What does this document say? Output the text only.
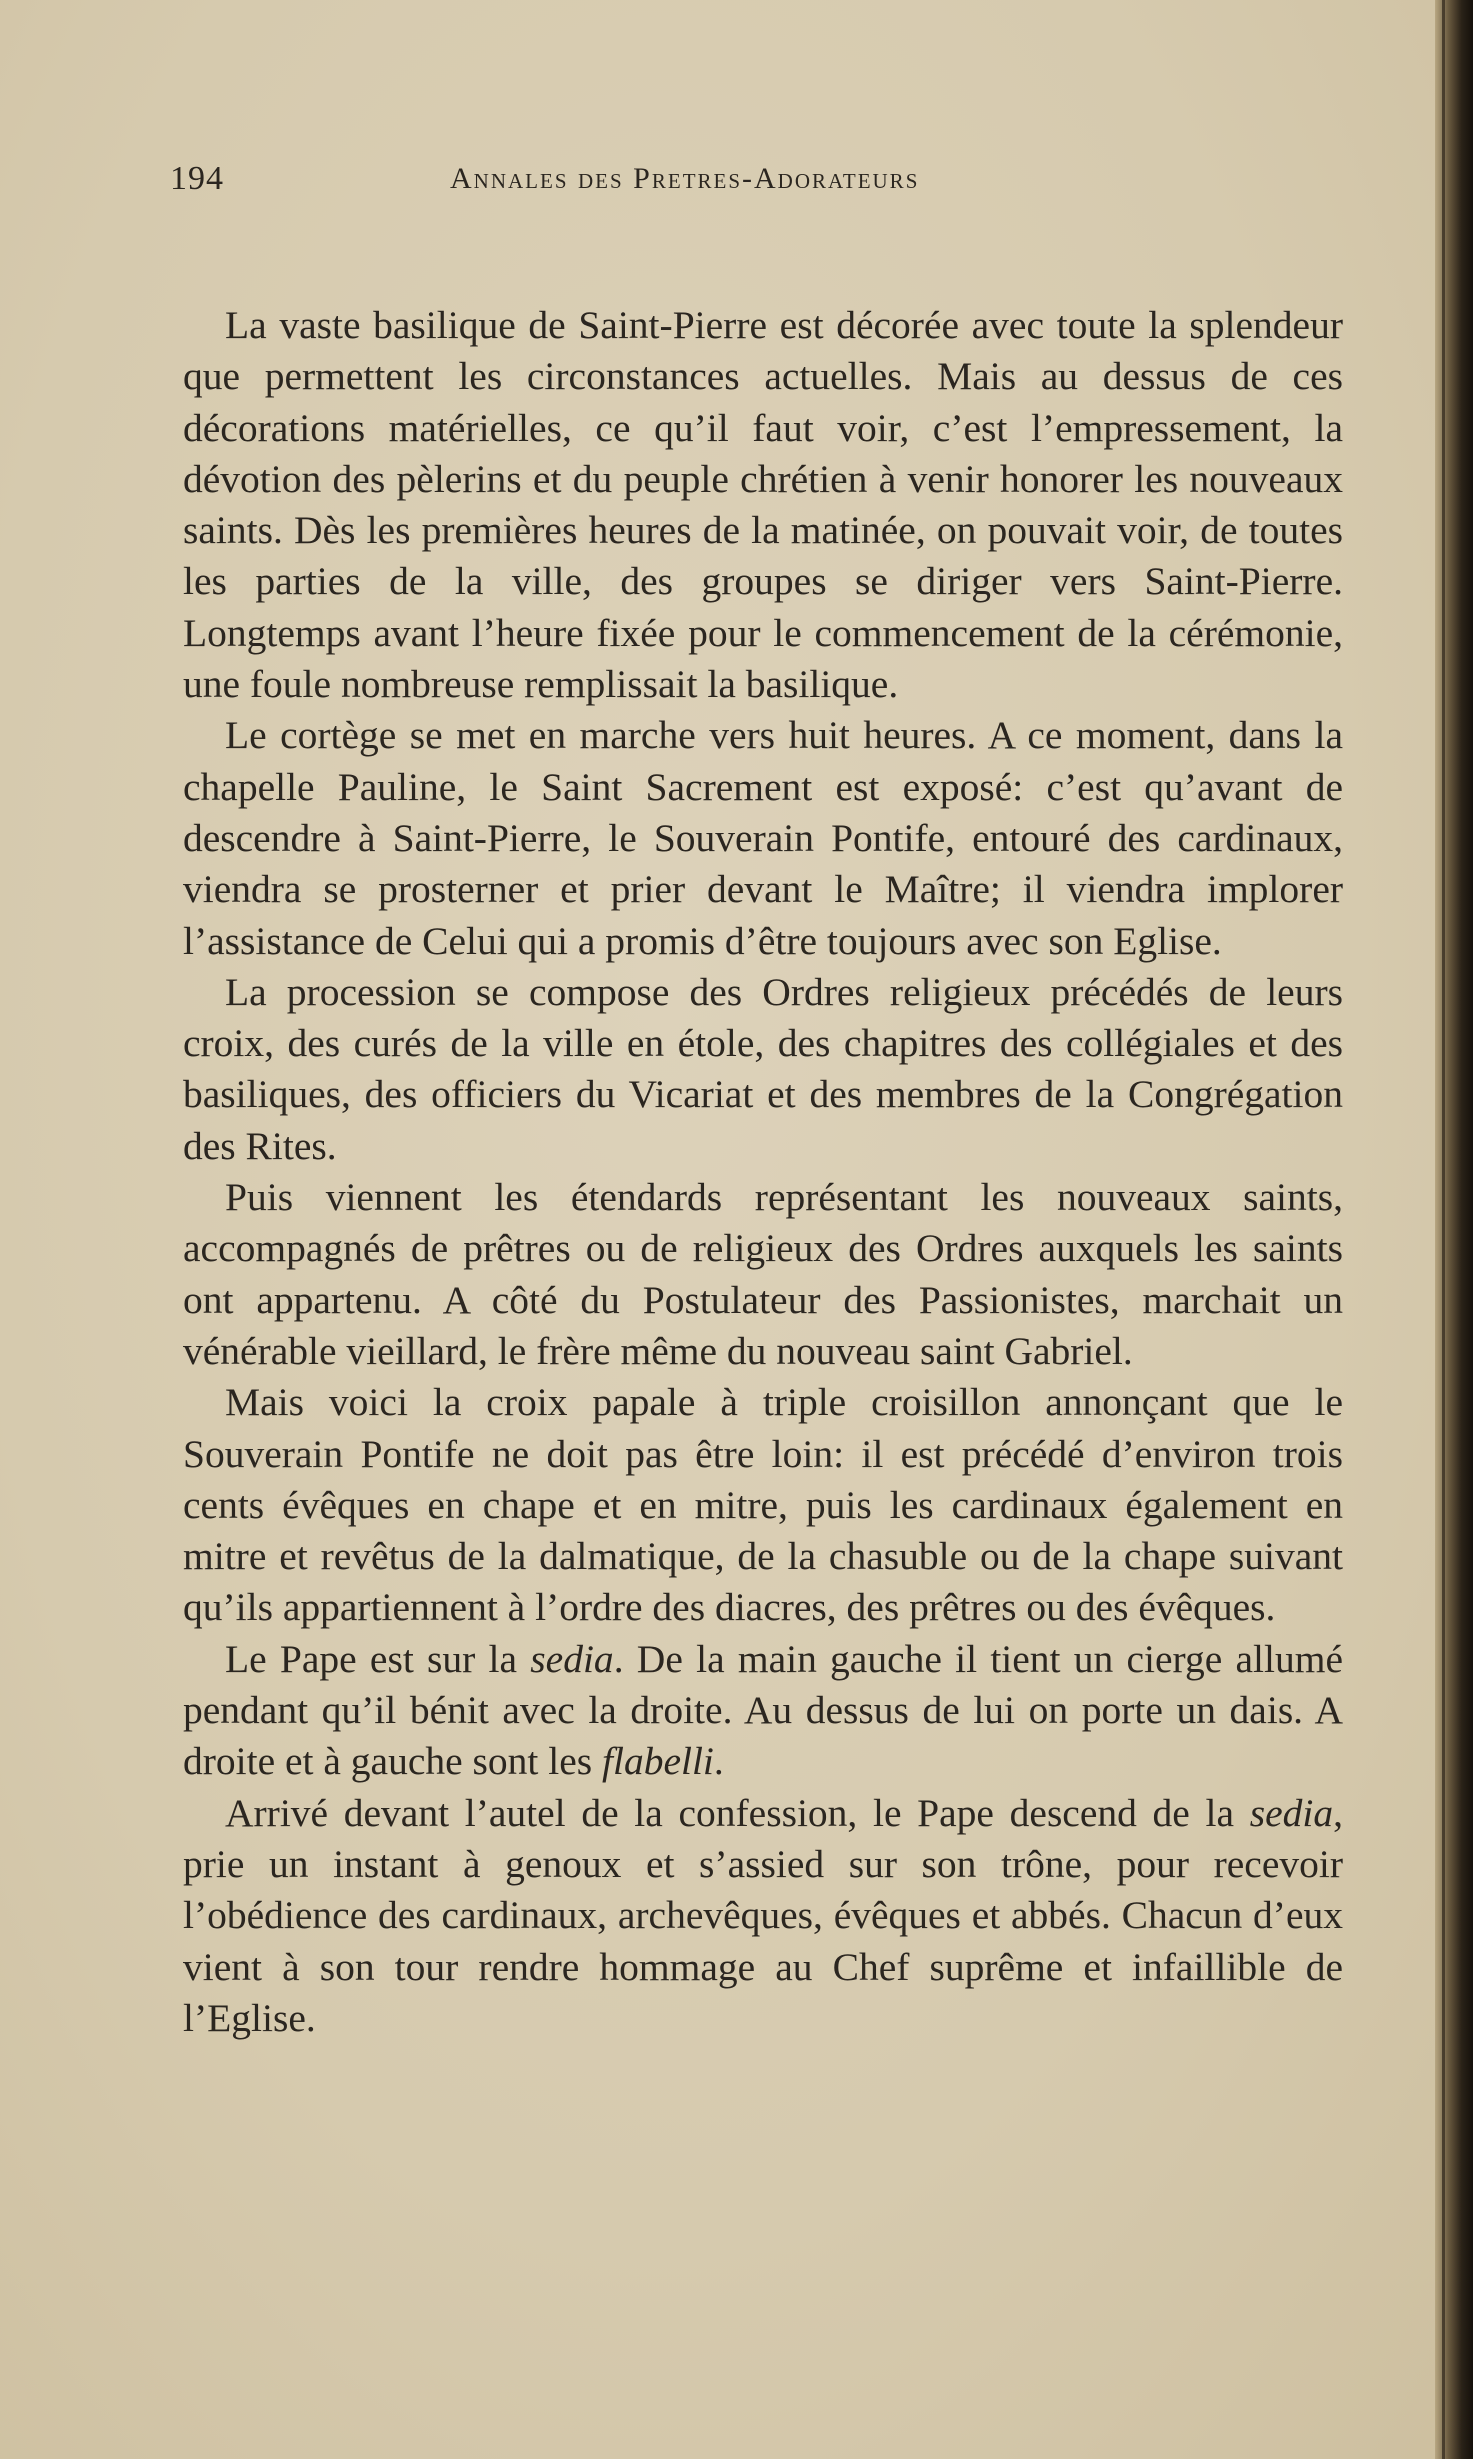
194	Annales des Pretres-Adorateurs

La vaste basilique de Saint-Pierre est décorée avec toute la splendeur que permettent les circonstances actuelles. Mais au dessus de ces décorations matérielles, ce qu’il faut voir, c’est l’empressement, la dévotion des pèlerins et du peuple chrétien à venir honorer les nouveaux saints. Dès les premières heures de la matinée, on pouvait voir, de toutes les parties de la ville, des groupes se diriger vers Saint-Pierre. Longtemps avant l’heure fixée pour le commencement de la cérémonie, une foule nombreuse remplissait la basilique.

Le cortège se met en marche vers huit heures. A ce moment, dans la chapelle Pauline, le Saint Sacrement est exposé: c’est qu’avant de descendre à Saint-Pierre, le Souverain Pontife, entouré des cardinaux, viendra se prosterner et prier devant le Maître; il viendra implorer l’assistance de Celui qui a promis d’être toujours avec son Eglise.

La procession se compose des Ordres religieux précédés de leurs croix, des curés de la ville en étole, des chapitres des collégiales et des basiliques, des officiers du Vicariat et des membres de la Congrégation des Rites.

Puis viennent les étendards représentant les nouveaux saints, accompagnés de prêtres ou de religieux des Ordres auxquels les saints ont appartenu. A côté du Postulateur des Passionistes, marchait un vénérable vieillard, le frère même du nouveau saint Gabriel.

Mais voici la croix papale à triple croisillon annonçant que le Souverain Pontife ne doit pas être loin: il est précédé d’environ trois cents évêques en chape et en mitre, puis les cardinaux également en mitre et revêtus de la dalmatique, de la chasuble ou de la chape suivant qu’ils appartiennent à l’ordre des diacres, des prêtres ou des évêques.

Le Pape est sur la sedia. De la main gauche il tient un cierge allumé pendant qu’il bénit avec la droite. Au dessus de lui on porte un dais. A droite et à gauche sont les flabelli.

Arrivé devant l’autel de la confession, le Pape descend de la sedia, prie un instant à genoux et s’assied sur son trône, pour recevoir l’obédience des cardinaux, archevêques, évêques et abbés. Chacun d’eux vient à son tour rendre hommage au Chef suprême et infaillible de l’Eglise.
